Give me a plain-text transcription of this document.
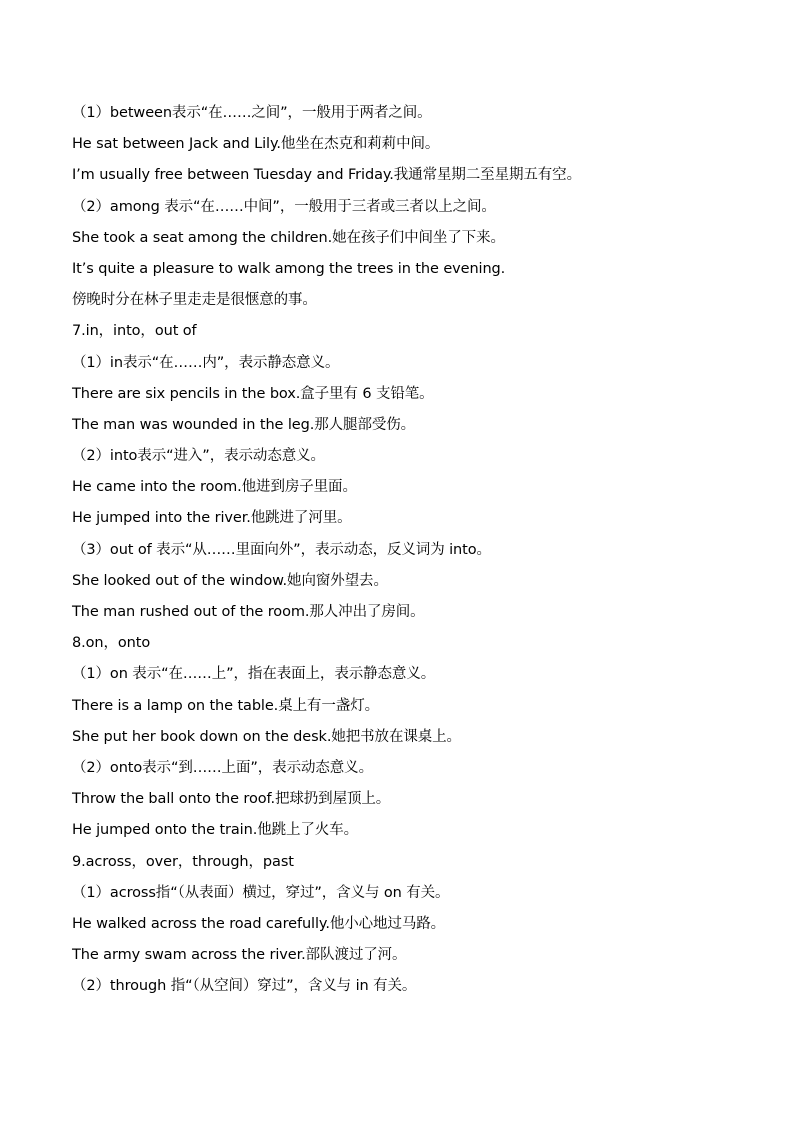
（1）between表示“在……之间”，一般用于两者之间。
He sat between Jack and Lily.他坐在杰克和莉莉中间。
I’m usually free between Tuesday and Friday.我通常星期二至星期五有空。
（2）among 表示“在……中间”，一般用于三者或三者以上之间。
She took a seat among the children.她在孩子们中间坐了下来。
It’s quite a pleasure to walk among the trees in the evening.
傍晚时分在林子里走走是很惬意的事。
7.in，into，out of
（1）in表示“在……内”，表示静态意义。
There are six pencils in the box.盒子里有 6 支铅笔。
The man was wounded in the leg.那人腿部受伤。
（2）into表示“进入”，表示动态意义。
He came into the room.他进到房子里面。
He jumped into the river.他跳进了河里。
（3）out of 表示“从……里面向外”，表示动态，反义词为 into。
She looked out of the window.她向窗外望去。
The man rushed out of the room.那人冲出了房间。
8.on，onto
（1）on 表示“在……上”，指在表面上，表示静态意义。
There is a lamp on the table.桌上有一盏灯。
She put her book down on the desk.她把书放在课桌上。
（2）onto表示“到……上面”，表示动态意义。
Throw the ball onto the roof.把球扔到屋顶上。
He jumped onto the train.他跳上了火车。
9.across，over，through，past
（1）across指“（从表面）横过，穿过”，含义与 on 有关。
He walked across the road carefully.他小心地过马路。
The army swam across the river.部队渡过了河。
（2）through 指“（从空间）穿过”，含义与 in 有关。
